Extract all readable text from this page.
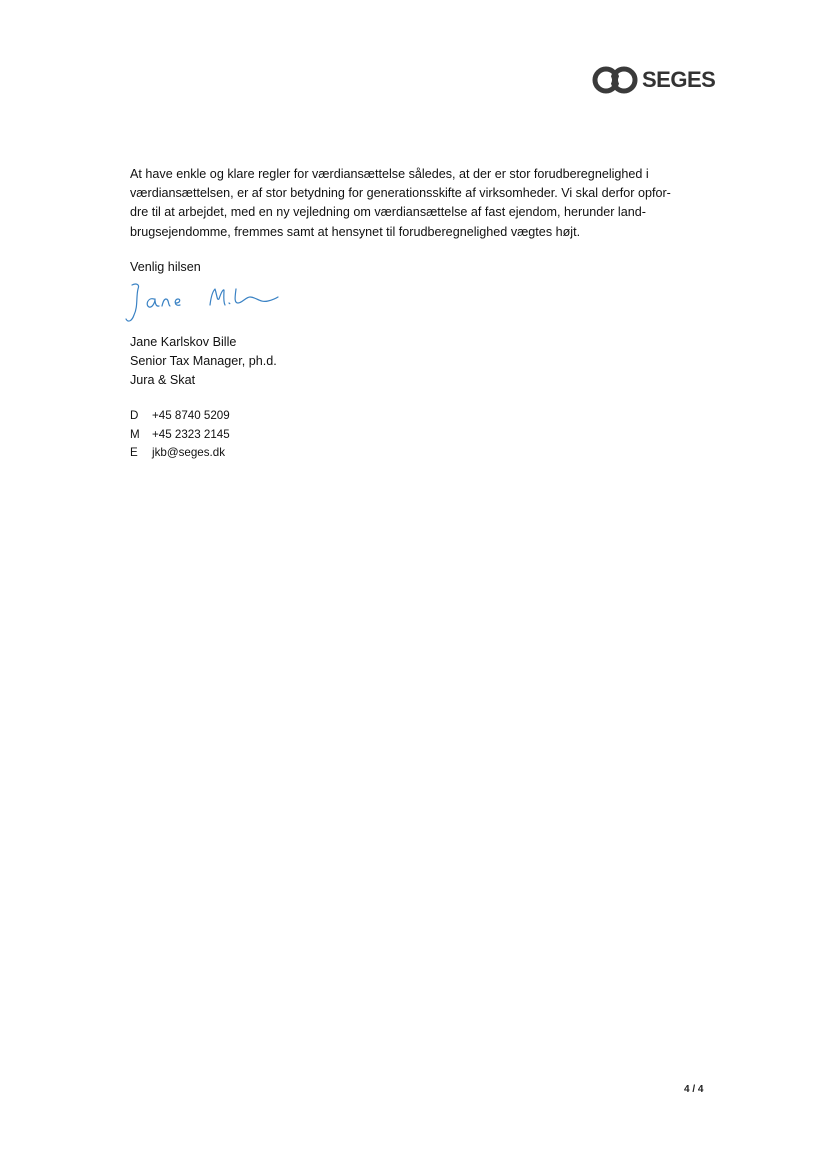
SEGES
At have enkle og klare regler for værdiansættelse således, at der er stor forudberegnelighed i
værdiansættelsen, er af stor betydning for generationsskifte af virksomheder. Vi skal derfor opfor-
dre til at arbejdet, med en ny vejledning om værdiansættelse af fast ejendom, herunder land-
brugsejendomme, fremmes samt at hensynet til forudberegnelighed vægtes højt.
Venlig hilsen
Jane Karlskov Bille
Senior Tax Manager, ph.d.
Jura & Skat
D +45 8740 5209
M +45 2323 2145
E jkb@seges.dk
4 / 4
